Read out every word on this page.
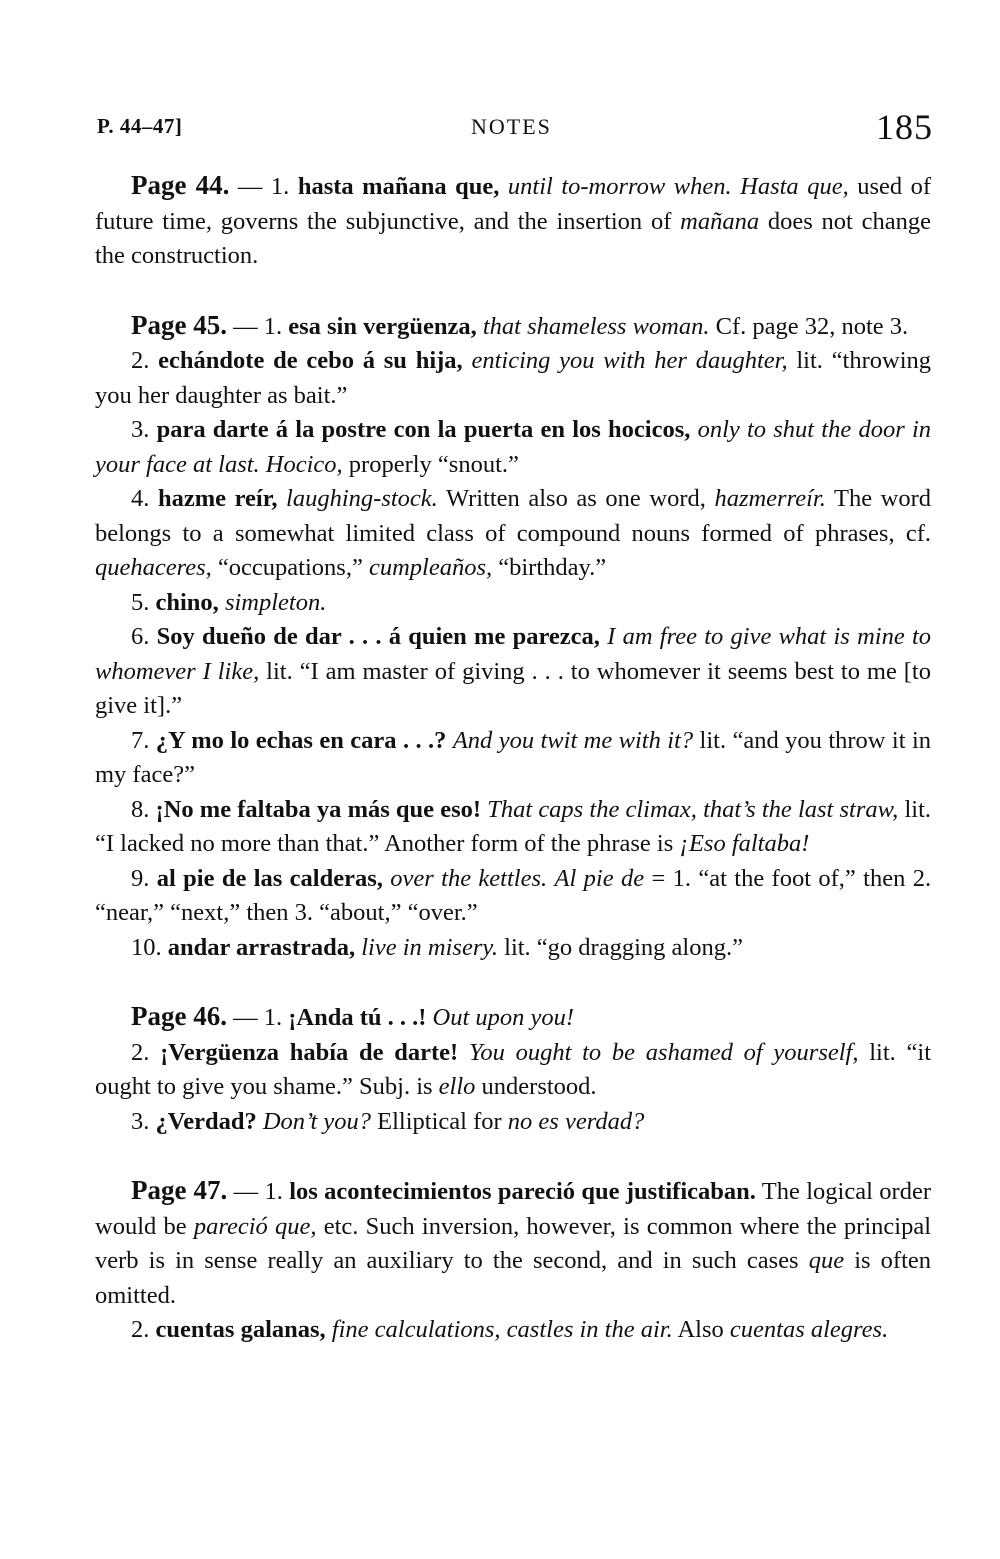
P. 44–47]	NOTES	185

Page 44. — 1. hasta mañana que, until to-morrow when. Hasta que, used of future time, governs the subjunctive, and the insertion of mañana does not change the construction.

Page 45. — 1. esa sin vergüenza, that shameless woman. Cf. page 32, note 3.

2. echándote de cebo á su hija, enticing you with her daughter, lit. “throwing you her daughter as bait.”

3. para darte á la postre con la puerta en los hocicos, only to shut the door in your face at last. Hocico, properly “snout.”

4. hazme reír, laughing-stock. Written also as one word, hazmerreír. The word belongs to a somewhat limited class of compound nouns formed of phrases, cf. quehaceres, “occupations,” cumpleaños, “birthday.”

5. chino, simpleton.

6. Soy dueño de dar . . . á quien me parezca, I am free to give what is mine to whomever I like, lit. “I am master of giving . . . to whomever it seems best to me [to give it].”

7. ¿Y mo lo echas en cara . . .? And you twit me with it? lit. “and you throw it in my face?”

8. ¡No me faltaba ya más que eso! That caps the climax, that’s the last straw, lit. “I lacked no more than that.” Another form of the phrase is ¡Eso faltaba!

9. al pie de las calderas, over the kettles. Al pie de = 1. “at the foot of,” then 2. “near,” “next,” then 3. “about,” “over.”

10. andar arrastrada, live in misery. lit. “go dragging along.”

Page 46. — 1. ¡Anda tú . . .! Out upon you!

2. ¡Vergüenza había de darte! You ought to be ashamed of yourself, lit. “it ought to give you shame.” Subj. is ello understood.

3. ¿Verdad? Don’t you? Elliptical for no es verdad?

Page 47. — 1. los acontecimientos pareció que justificaban. The logical order would be pareció que, etc. Such inversion, however, is common where the principal verb is in sense really an auxiliary to the second, and in such cases que is often omitted.

2. cuentas galanas, fine calculations, castles in the air. Also cuentas alegres.
